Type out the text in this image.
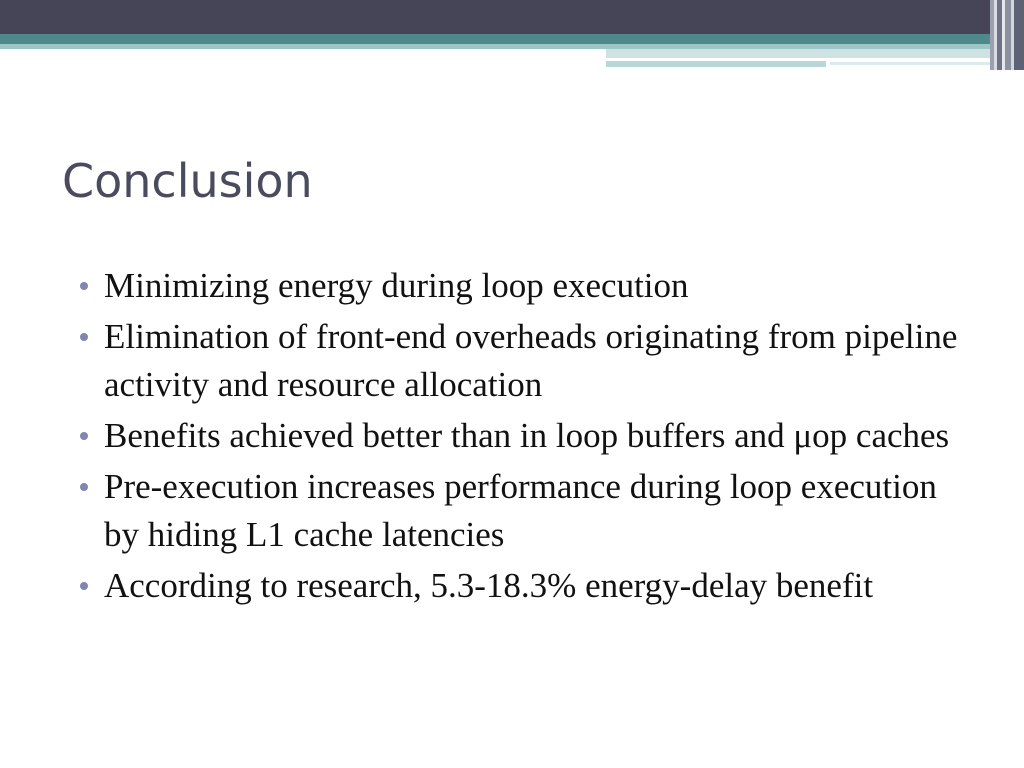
Conclusion
Minimizing energy during loop execution
Elimination of front-end overheads originating from pipeline activity and resource allocation
Benefits achieved better than in loop buffers and μop caches
Pre-execution increases performance during loop execution by hiding L1 cache latencies
According to research, 5.3-18.3% energy-delay benefit
